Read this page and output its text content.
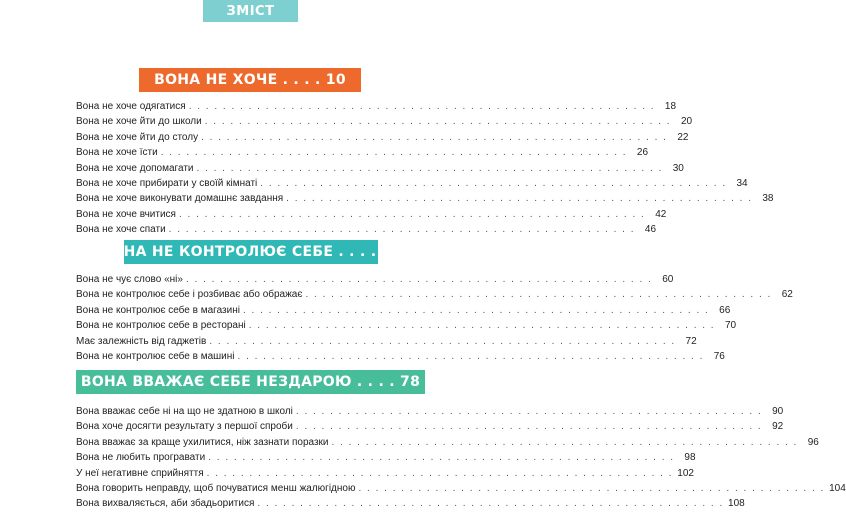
ЗМІСТ
ВОНА НЕ ХОЧЕ . . . . 10
Вона не хоче одягатися . . . . . . . . . . . . . . . . . . . . . . . . . . . . . . . . . . . . . . . . . . . . . . . . . . . . . . . 18
Вона не хоче йти до школи . . . . . . . . . . . . . . . . . . . . . . . . . . . . . . . . . . . . . . . . . . . . . . . . . . . . . . . 20
Вона не хоче йти до столу . . . . . . . . . . . . . . . . . . . . . . . . . . . . . . . . . . . . . . . . . . . . . . . . . . . . . . . 22
Вона не хоче їсти . . . . . . . . . . . . . . . . . . . . . . . . . . . . . . . . . . . . . . . . . . . . . . . . . . . . . . . 26
Вона не хоче допомагати . . . . . . . . . . . . . . . . . . . . . . . . . . . . . . . . . . . . . . . . . . . . . . . . . . . . . . . 30
Вона не хоче прибирати у своїй кімнаті . . . . . . . . . . . . . . . . . . . . . . . . . . . . . . . . . . . . . . . . . . . . . . . . . . . . . . . 34
Вона не хоче виконувати домашнє завдання . . . . . . . . . . . . . . . . . . . . . . . . . . . . . . . . . . . . . . . . . . . . . . . . . . . . . . . 38
Вона не хоче вчитися . . . . . . . . . . . . . . . . . . . . . . . . . . . . . . . . . . . . . . . . . . . . . . . . . . . . . . . 42
Вона не хоче спати . . . . . . . . . . . . . . . . . . . . . . . . . . . . . . . . . . . . . . . . . . . . . . . . . . . . . . . 46
ВОНА НЕ КОНТРОЛЮЄ СЕБЕ . . . . 50
Вона не чує слово «ні» . . . . . . . . . . . . . . . . . . . . . . . . . . . . . . . . . . . . . . . . . . . . . . . . . . . . . . . 60
Вона не контролює себе і розбиває або ображає . . . . . . . . . . . . . . . . . . . . . . . . . . . . . . . . . . . . . . . . . . . . . . . . . . . . . . . 62
Вона не контролює себе в магазині . . . . . . . . . . . . . . . . . . . . . . . . . . . . . . . . . . . . . . . . . . . . . . . . . . . . . . . 66
Вона не контролює себе в ресторані . . . . . . . . . . . . . . . . . . . . . . . . . . . . . . . . . . . . . . . . . . . . . . . . . . . . . . . 70
Має залежність від гаджетів . . . . . . . . . . . . . . . . . . . . . . . . . . . . . . . . . . . . . . . . . . . . . . . . . . . . . . . 72
Вона не контролює себе в машині . . . . . . . . . . . . . . . . . . . . . . . . . . . . . . . . . . . . . . . . . . . . . . . . . . . . . . . 76
ВОНА ВВАЖАЄ СЕБЕ НЕЗДАРОЮ . . . . 78
Вона вважає себе ні на що не здатною в школі . . . . . . . . . . . . . . . . . . . . . . . . . . . . . . . . . . . . . . . . . . . . . . . . . . . . . . . 90
Вона хоче досягти результату з першої спроби . . . . . . . . . . . . . . . . . . . . . . . . . . . . . . . . . . . . . . . . . . . . . . . . . . . . . . . 92
Вона вважає за краще ухилитися, ніж зазнати поразки . . . . . . . . . . . . . . . . . . . . . . . . . . . . . . . . . . . . . . . . . . . . . . . . . . . . . . . 96
Вона не любить програвати . . . . . . . . . . . . . . . . . . . . . . . . . . . . . . . . . . . . . . . . . . . . . . . . . . . . . . . 98
У неї негативне сприйняття . . . . . . . . . . . . . . . . . . . . . . . . . . . . . . . . . . . . . . . . . . . . . . . . . . . . . . . 102
Вона говорить неправду, щоб почуватися менш жалюгідною . . . . . . . . . . . . . . . . . . . . . . . . . . . . . . . . . . . . . . . . . . . . . . . . . . . . . . . 104
Вона вихваляється, аби збадьоритися . . . . . . . . . . . . . . . . . . . . . . . . . . . . . . . . . . . . . . . . . . . . . . . . . . . . . . . 108
